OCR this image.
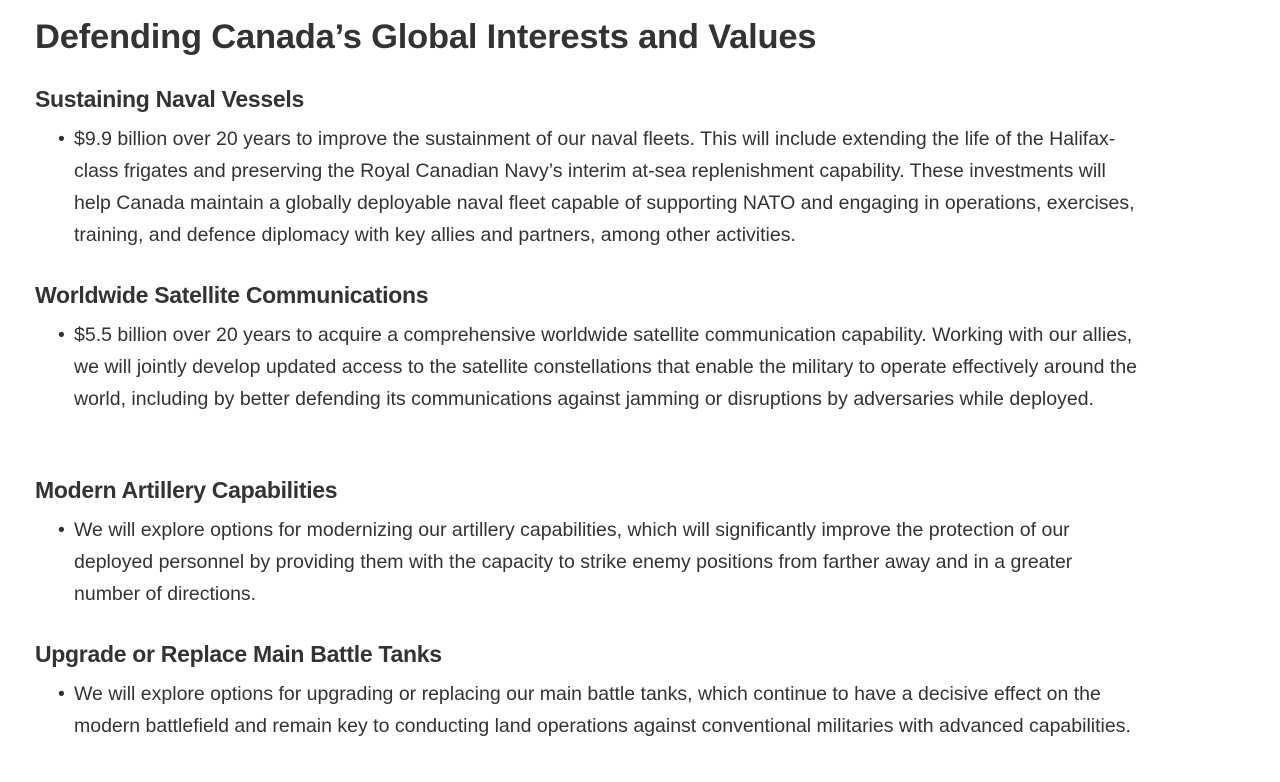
Defending Canada’s Global Interests and Values
Sustaining Naval Vessels
• $9.9 billion over 20 years to improve the sustainment of our naval fleets. This will include extending the life of the Halifax-class frigates and preserving the Royal Canadian Navy’s interim at-sea replenishment capability. These investments will help Canada maintain a globally deployable naval fleet capable of supporting NATO and engaging in operations, exercises, training, and defence diplomacy with key allies and partners, among other activities.
Worldwide Satellite Communications
• $5.5 billion over 20 years to acquire a comprehensive worldwide satellite communication capability. Working with our allies, we will jointly develop updated access to the satellite constellations that enable the military to operate effectively around the world, including by better defending its communications against jamming or disruptions by adversaries while deployed.
Modern Artillery Capabilities
• We will explore options for modernizing our artillery capabilities, which will significantly improve the protection of our deployed personnel by providing them with the capacity to strike enemy positions from farther away and in a greater number of directions.
Upgrade or Replace Main Battle Tanks
• We will explore options for upgrading or replacing our main battle tanks, which continue to have a decisive effect on the modern battlefield and remain key to conducting land operations against conventional militaries with advanced capabilities.
